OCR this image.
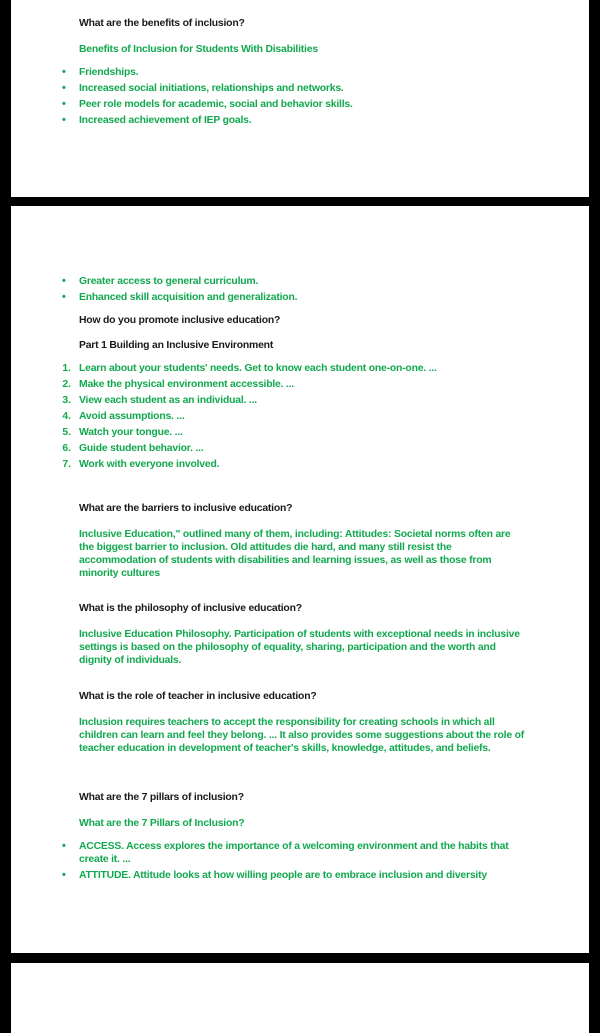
What are the benefits of inclusion?

Benefits of Inclusion for Students With Disabilities

• Friendships.

• Increased social initiations, relationships and networks.

• Peer role models for academic, social and behavior skills.

• Increased achievement of IEP goals.

• Greater access to general curriculum.

• Enhanced skill acquisition and generalization.

How do you promote inclusive education?

Part 1 Building an Inclusive Environment

1. Learn about your students' needs. Get to know each student one-on-one. ...

2. Make the physical environment accessible. ...

3. View each student as an individual. ...

4. Avoid assumptions. ...

5. Watch your tongue. ...

6. Guide student behavior. ...

7. Work with everyone involved.

What are the barriers to inclusive education?

Inclusive Education," outlined many of them, including: Attitudes: Societal norms often are the biggest barrier to inclusion. Old attitudes die hard, and many still resist the accommodation of students with disabilities and learning issues, as well as those from minority cultures

What is the philosophy of inclusive education?

Inclusive Education Philosophy. Participation of students with exceptional needs in inclusive settings is based on the philosophy of equality, sharing, participation and the worth and dignity of individuals.

What is the role of teacher in inclusive education?

Inclusion requires teachers to accept the responsibility for creating schools in which all children can learn and feel they belong. ... It also provides some suggestions about the role of teacher education in development of teacher's skills, knowledge, attitudes, and beliefs.

What are the 7 pillars of inclusion?

What are the 7 Pillars of Inclusion?

• ACCESS. Access explores the importance of a welcoming environment and the habits that create it. ...

• ATTITUDE. Attitude looks at how willing people are to embrace inclusion and diversity
